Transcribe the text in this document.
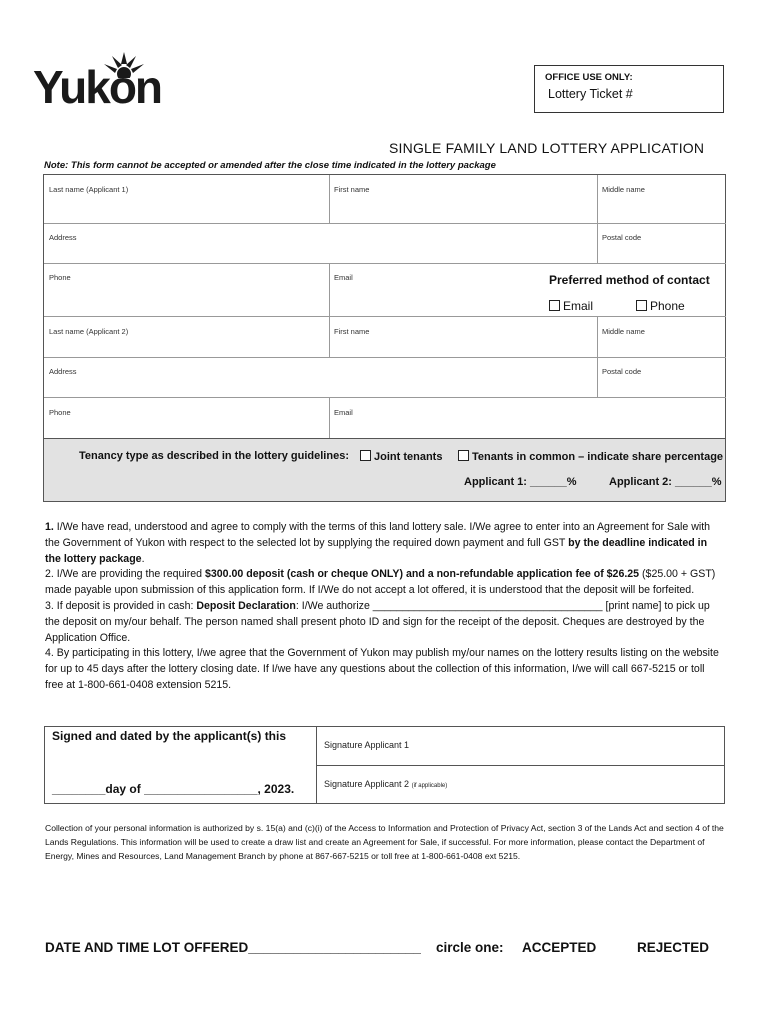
Yukon	OFFICE USE ONLY:
Lottery Ticket #
SINGLE FAMILY LAND LOTTERY APPLICATION
Note: This form cannot be accepted or amended after the close time indicated in the lottery package
Last name (Applicant 1)	First name	Middle name
Address	Postal code
Phone	Email
Last name (Applicant 2)	First name	Middle name
Address	Postal code
Phone	Email
Preferred method of contact
Email	Phone
Tenancy type as described in the lottery guidelines:	Joint tenants	Tenants in common – indicate share percentage
Applicant 1: ______%	Applicant 2: ______%

1. I/We have read, understood and agree to comply with the terms of this land lottery sale. I/We agree to enter into an Agreement for Sale with the Government of Yukon with respect to the selected lot by supplying the required down payment and full GST by the deadline indicated in the lottery package.

2. I/We are providing the required $300.00 deposit (cash or cheque ONLY) and a non-refundable application fee of $26.25 ($25.00 + GST) made payable upon submission of this application form. If I/We do not accept a lot offered, it is understood that the deposit will be forfeited.

3. If deposit is provided in cash: Deposit Declaration: I/We authorize _______________________________________ [print name] to pick up the deposit on my/our behalf. The person named shall present photo ID and sign for the receipt of the deposit. Cheques are destroyed by the Application Office.

4. By participating in this lottery, I/we agree that the Government of Yukon may publish my/our names on the lottery results listing on the website for up to 45 days after the lottery closing date. If I/we have any questions about the collection of this information, I/we will call 667-5215 or toll free at 1-800-661-0408 extension 5215.

Signed and dated by the applicant(s) this
________day of _________________, 2023.
Signature Applicant 1
Signature Applicant 2 (if applicable)
Collection of your personal information is authorized by s. 15(a) and (c)(i) of the Access to Information and Protection of Privacy Act, section 3 of the Lands Act and section 4 of the Lands Regulations. This information will be used to create a draw list and create an Agreement for Sale, if successful. For more information, please contact the Department of Energy, Mines and Resources, Land Management Branch by phone at 867-667-5215 or toll free at 1-800-661-0408 ext 5215.
DATE AND TIME LOT OFFERED_______________________ circle one: ACCEPTED	REJECTED
